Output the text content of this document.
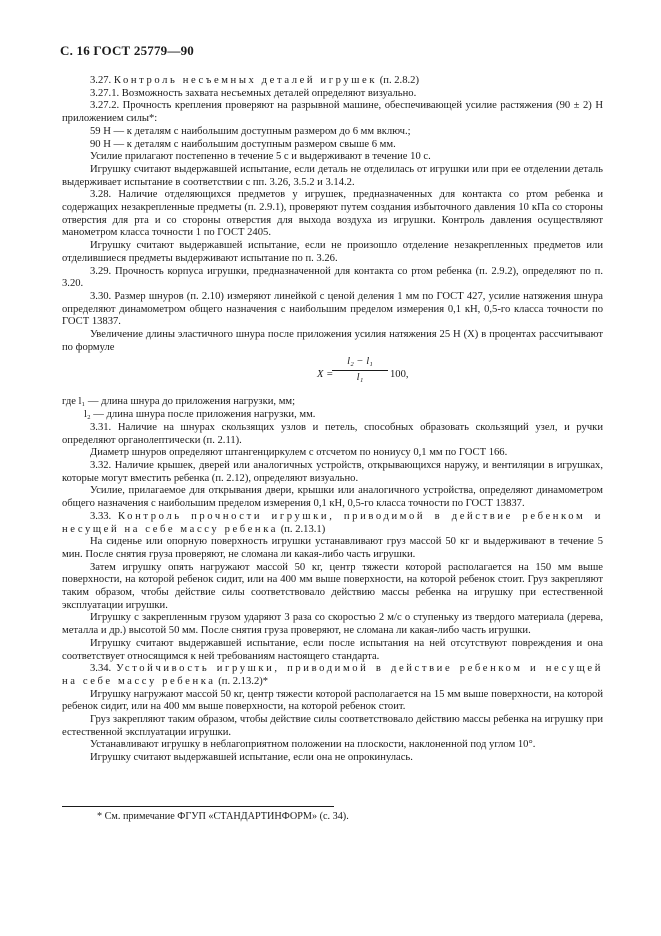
С. 16 ГОСТ 25779—90

3.27. Контроль несъемных деталей игрушек (п. 2.8.2)

3.27.1. Возможность захвата несъемных деталей определяют визуально.

3.27.2. Прочность крепления проверяют на разрывной машине, обеспечивающей усилие растяжения (90 ± 2) Н приложением силы*:

59 Н — к деталям с наибольшим доступным размером до 6 мм включ.;

90 Н — к деталям с наибольшим доступным размером свыше 6 мм.

Усилие прилагают постепенно в течение 5 с и выдерживают в течение 10 с.

Игрушку считают выдержавшей испытание, если деталь не отделилась от игрушки или при ее отделении деталь выдерживает испытание в соответствии с пп. 3.26, 3.5.2 и 3.14.2.

3.28. Наличие отделяющихся предметов у игрушек, предназначенных для контакта со ртом ребенка и содержащих незакрепленные предметы (п. 2.9.1), проверяют путем создания избыточного давления 10 кПа со стороны отверстия для рта и со стороны отверстия для выхода воздуха из игрушки. Контроль давления осуществляют манометром класса точности 1 по ГОСТ 2405.

Игрушку считают выдержавшей испытание, если не произошло отделение незакрепленных предметов или отделившиеся предметы выдерживают испытание по п. 3.26.

3.29. Прочность корпуса игрушки, предназначенной для контакта со ртом ребенка (п. 2.9.2), определяют по п. 3.20.

3.30. Размер шнуров (п. 2.10) измеряют линейкой с ценой деления 1 мм по ГОСТ 427, усилие натяжения шнура определяют динамометром общего назначения с наибольшим пределом измерения 0,1 кН, 0,5-го класса точности по ГОСТ 13837.

Увеличение длины эластичного шнура после приложения усилия натяжения 25 Н (X) в процентах рассчитывают по формуле

X =
$\frac{\text{l₂ − l₁}}{\text{l₁}} 100$,

где l₁ — длина шнура до приложения нагрузки, мм;

l₂ — длина шнура после приложения нагрузки, мм.

3.31. Наличие на шнурах скользящих узлов и петель, способных образовать скользящий узел, и ручки определяют органолептически (п. 2.11).

Диаметр шнуров определяют штангенциркулем с отсчетом по нониусу 0,1 мм по ГОСТ 166.

3.32. Наличие крышек, дверей или аналогичных устройств, открывающихся наружу, и вентиляции в игрушках, которые могут вместить ребенка (п. 2.12), определяют визуально.

Усилие, прилагаемое для открывания двери, крышки или аналогичного устройства, определяют динамометром общего назначения с наибольшим пределом измерения 0,1 кН, 0,5-го класса точности по ГОСТ 13837.

3.33. Контроль прочности игрушки, приводимой в действие ребенком и несущей на себе массу ребенка (п. 2.13.1)

На сиденье или опорную поверхность игрушки устанавливают груз массой 50 кг и выдерживают в течение 5 мин. После снятия груза проверяют, не сломана ли какая-либо часть игрушки.

Затем игрушку опять нагружают массой 50 кг, центр тяжести которой располагается на 150 мм выше поверхности, на которой ребенок сидит, или на 400 мм выше поверхности, на которой ребенок стоит. Груз закрепляют таким образом, чтобы действие силы соответствовало действию массы ребенка на игрушку при естественной эксплуатации игрушки.

Игрушку с закрепленным грузом ударяют 3 раза со скоростью 2 м/с о ступеньку из твердого материала (дерева, металла и др.) высотой 50 мм. После снятия груза проверяют, не сломана ли какая-либо часть игрушки.

Игрушку считают выдержавшей испытание, если после испытания на ней отсутствуют повреждения и она соответствует относящимся к ней требованиям настоящего стандарта.

3.34. Устойчивость игрушки, приводимой в действие ребенком и несущей на себе массу ребенка (п. 2.13.2)*

Игрушку нагружают массой 50 кг, центр тяжести которой располагается на 15 мм выше поверхности, на которой ребенок сидит, или на 400 мм выше поверхности, на которой ребенок стоит.

Груз закрепляют таким образом, чтобы действие силы соответствовало действию массы ребенка на игрушку при естественной эксплуатации игрушки.

Устанавливают игрушку в неблагоприятном положении на плоскости, наклоненной под углом 10°.

Игрушку считают выдержавшей испытание, если она не опрокинулась.

* См. примечание ФГУП «СТАНДАРТИНФОРМ» (с. 34).
